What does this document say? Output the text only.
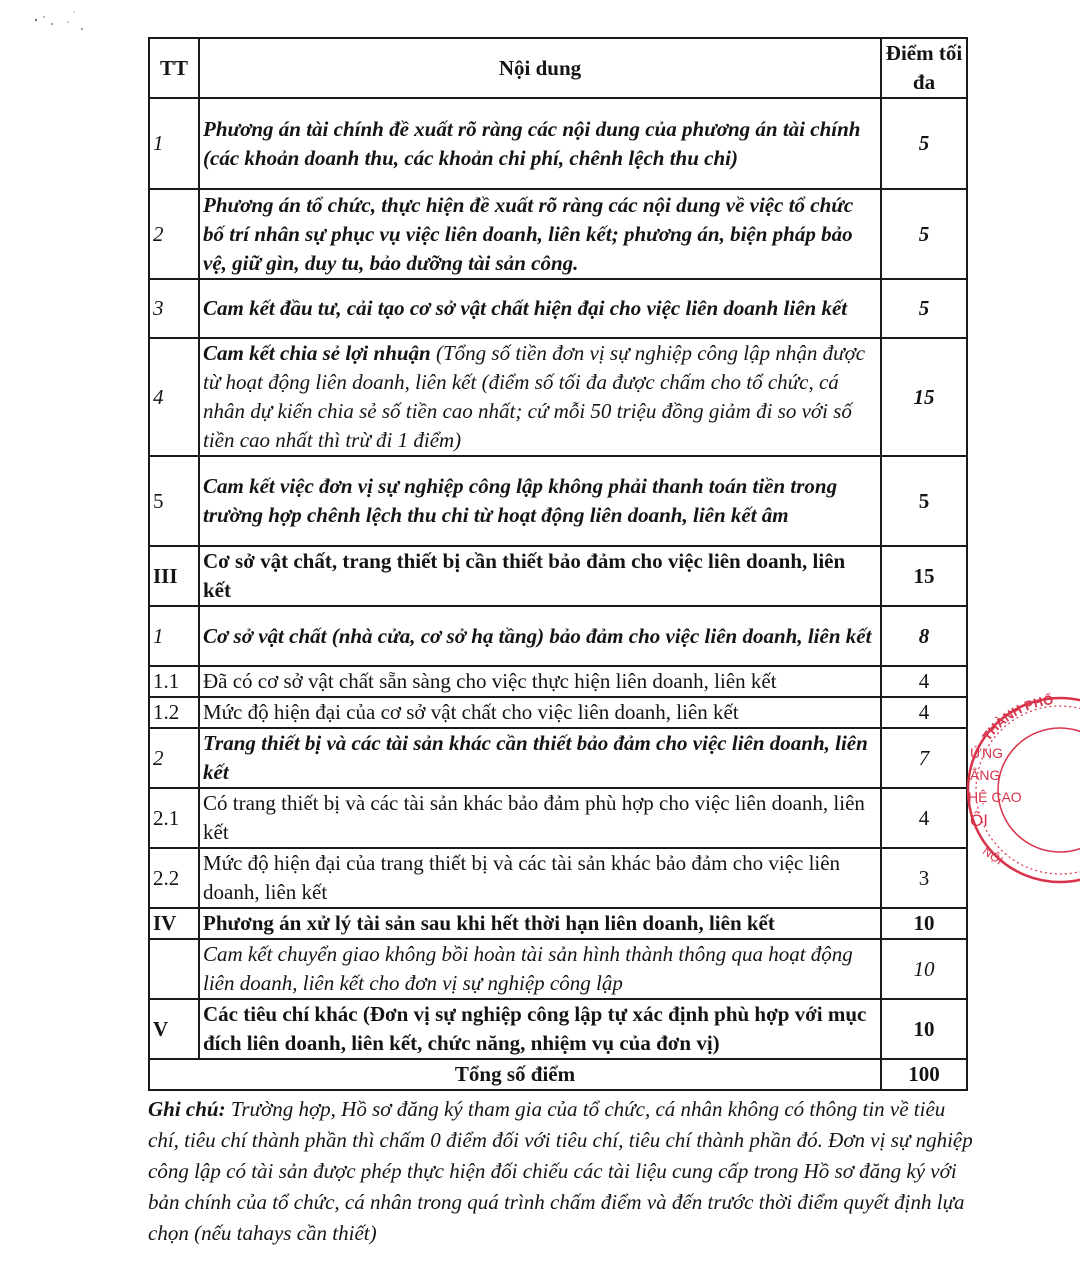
TT	Nội dung	Điểm tối đa
1	Phương án tài chính đề xuất rõ ràng các nội dung của phương án tài chính (các khoản doanh thu, các khoản chi phí, chênh lệch thu chi)	5
2	Phương án tổ chức, thực hiện đề xuất rõ ràng các nội dung về việc tổ chức bố trí nhân sự phục vụ việc liên doanh, liên kết; phương án, biện pháp bảo vệ, giữ gìn, duy tu, bảo dưỡng tài sản công.	5
3	Cam kết đầu tư, cải tạo cơ sở vật chất hiện đại cho việc liên doanh liên kết	5
4	Cam kết chia sẻ lợi nhuận (Tổng số tiền đơn vị sự nghiệp công lập nhận được từ hoạt động liên doanh, liên kết (điểm số tối đa được chấm cho tổ chức, cá nhân dự kiến chia sẻ số tiền cao nhất; cứ mỗi 50 triệu đồng giảm đi so với số tiền cao nhất thì trừ đi 1 điểm)	15
5	Cam kết việc đơn vị sự nghiệp công lập không phải thanh toán tiền trong trường hợp chênh lệch thu chi từ hoạt động liên doanh, liên kết âm	5
III	Cơ sở vật chất, trang thiết bị cần thiết bảo đảm cho việc liên doanh, liên kết	15
1	Cơ sở vật chất (nhà cửa, cơ sở hạ tầng) bảo đảm cho việc liên doanh, liên kết	8
1.1	Đã có cơ sở vật chất sẵn sàng cho việc thực hiện liên doanh, liên kết	4
1.2	Mức độ hiện đại của cơ sở vật chất cho việc liên doanh, liên kết	4
2	Trang thiết bị và các tài sản khác cần thiết bảo đảm cho việc liên doanh, liên kết	7
2.1	Có trang thiết bị và các tài sản khác bảo đảm phù hợp cho việc liên doanh, liên kết	4
2.2	Mức độ hiện đại của trang thiết bị và các tài sản khác bảo đảm cho việc liên doanh, liên kết	3
IV	Phương án xử lý tài sản sau khi hết thời hạn liên doanh, liên kết	10
	Cam kết chuyển giao không bồi hoàn tài sản hình thành thông qua hoạt động liên doanh, liên kết cho đơn vị sự nghiệp công lập	10
V	Các tiêu chí khác (Đơn vị sự nghiệp công lập tự xác định phù hợp với mục đích liên doanh, liên kết, chức năng, nhiệm vụ của đơn vị)	10
Tổng số điểm		100
Ghi chú: Trường hợp, Hồ sơ đăng ký tham gia của tổ chức, cá nhân không có thông tin về tiêu chí, tiêu chí thành phần thì chấm 0 điểm đối với tiêu chí, tiêu chí thành phần đó. Đơn vị sự nghiệp công lập có tài sản được phép thực hiện đối chiếu các tài liệu cung cấp trong Hồ sơ đăng ký với bản chính của tổ chức, cá nhân trong quá trình chấm điểm và đến trước thời điểm quyết định lựa chọn (nếu tahays cần thiết)
THÀNH PHỐ
ỨNG
ẲNG
HỆ CAO
ỘI
NỘI
